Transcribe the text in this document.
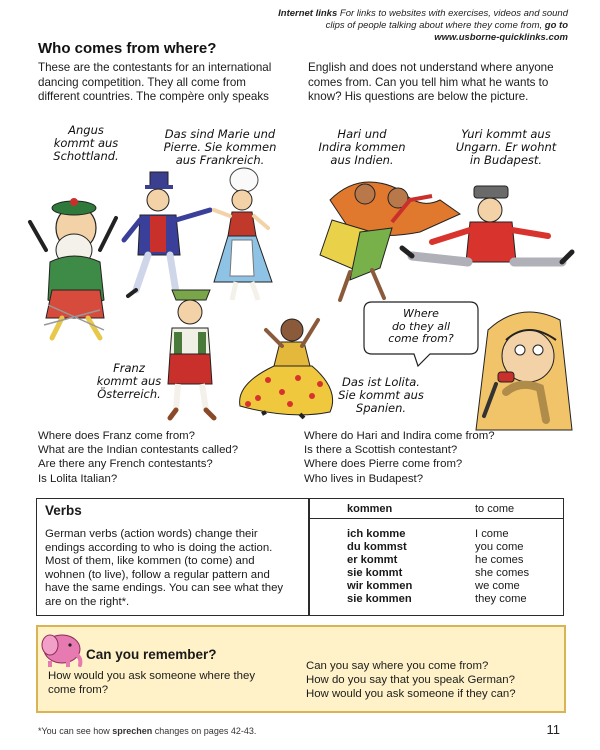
Internet links For links to websites with exercises, videos and sound clips of people talking about where they come from, go to www.usborne-quicklinks.com
Who comes from where?
These are the contestants for an international dancing competition. They all come from different countries. The compère only speaks
English and does not understand where anyone comes from. Can you tell him what he wants to know? His questions are below the picture.
Angus
kommt aus
Schottland.
Das sind Marie und
Pierre. Sie kommen
aus Frankreich.
Hari und
Indira kommen
aus Indien.
Yuri kommt aus
Ungarn. Er wohnt
in Budapest.
Franz
kommt aus
Österreich.
Das ist Lolita.
Sie kommt aus
Spanien.
Where
do they all
come from?
Where does Franz come from?
What are the Indian contestants called?
Are there any French contestants?
Is Lolita Italian?
Where do Hari and Indira come from?
Is there a Scottish contestant?
Where does Pierre come from?
Who lives in Budapest?
Verbs
German verbs (action words) change their endings according to who is doing the action. Most of them, like kommen (to come) and wohnen (to live), follow a regular pattern and have the same endings. You can see what they are on the right*.
kommen	to come
ich komme
du kommst
er kommt
sie kommt
wir kommen
sie kommen
I come
you come
he comes
she comes
we come
they come
Can you remember?
How would you ask someone where they
come from?
Can you say where you come from?
How do you say that you speak German?
How would you ask someone if they can?
*You can see how sprechen changes on pages 42-43.	11
